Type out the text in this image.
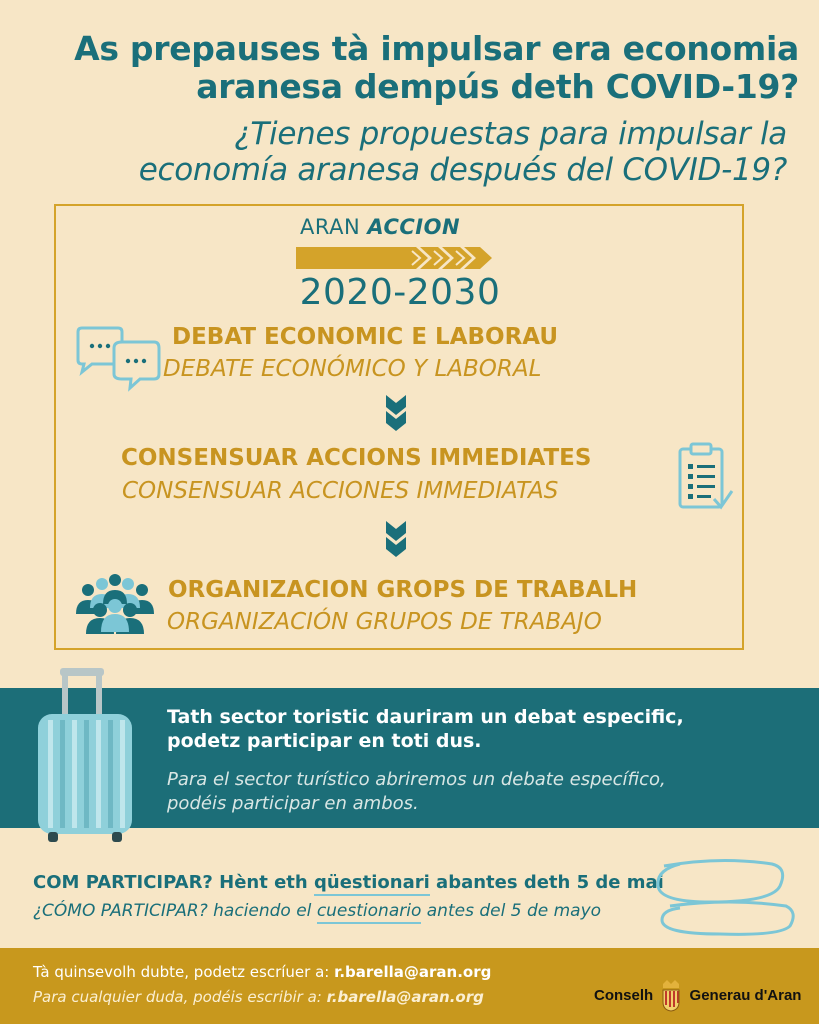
As prepauses tà impulsar era economia
aranesa dempús deth COVID-19?
¿Tienes propuestas para impulsar la
economía aranesa después del COVID-19?
ARAN ACCION
2020-2030
DEBAT ECONOMIC E LABORAU
DEBATE ECONÓMICO Y LABORAL
CONSENSUAR ACCIONS IMMEDIATES
CONSENSUAR ACCIONES IMMEDIATAS
ORGANIZACION GROPS DE TRABALH
ORGANIZACIÓN GRUPOS DE TRABAJO
Tath sector toristic dauriram un debat especific,
podetz participar en toti dus.
Para el sector turístico abriremos un debate específico,
podéis participar en ambos.
COM PARTICIPAR? Hènt eth qüestionari abantes deth 5 de mai
¿CÓMO PARTICIPAR? haciendo el cuestionario antes del 5 de mayo
Tà quinsevolh dubte, podetz escríuer a: r.barella@aran.org
Para cualquier duda, podéis escribir a: r.barella@aran.org	Conselh Generau d'Aran
